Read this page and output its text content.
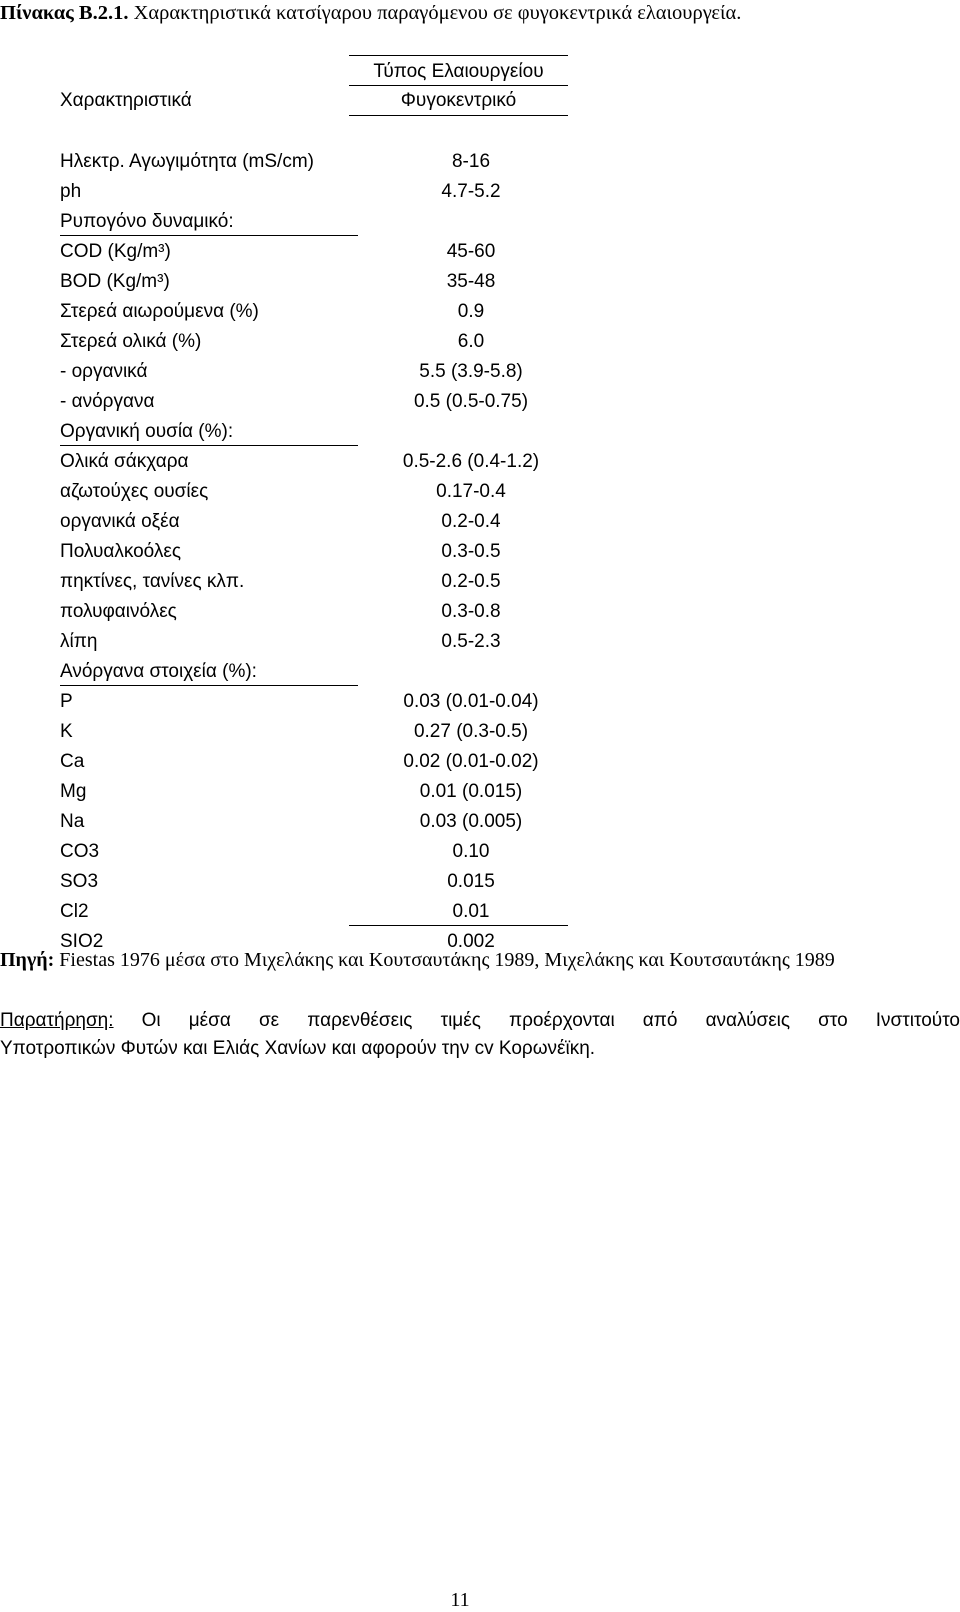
Πίνακας Β.2.1. Χαρακτηριστικά κατσίγαρου παραγόμενου σε φυγοκεντρικά ελαιουργεία.
Τύπος Ελαιουργείου
Χαρακτηριστικά	Φυγοκεντρικό
Ηλεκτρ. Αγωγιμότητα (mS/cm)	8-16
ph	4.7-5.2
Ρυπογόνο δυναμικό:
COD (Kg/m³)	45-60
BOD (Kg/m³)	35-48
Στερεά αιωρούμενα (%)	0.9
Στερεά ολικά (%)	6.0
- οργανικά	5.5 (3.9-5.8)
- ανόργανα	0.5 (0.5-0.75)
Οργανική ουσία (%):
Ολικά σάκχαρα	0.5-2.6 (0.4-1.2)
αζωτούχες ουσίες	0.17-0.4
οργανικά οξέα	0.2-0.4
Πολυαλκοόλες	0.3-0.5
πηκτίνες, τανίνες κλπ.	0.2-0.5
πολυφαινόλες	0.3-0.8
λίπη	0.5-2.3
Ανόργανα στοιχεία (%):
P	0.03 (0.01-0.04)
K	0.27 (0.3-0.5)
Ca	0.02 (0.01-0.02)
Mg	0.01 (0.015)
Na	0.03 (0.005)
CO3	0.10
SO3	0.015
Cl2	0.01
SIO2	0.002
Πηγή: Fiestas 1976 μέσα στο Μιχελάκης και Κουτσαυτάκης 1989, Μιχελάκης και Κουτσαυτάκης 1989
Παρατήρηση: Οι μέσα σε παρενθέσεις τιμές προέρχονται από αναλύσεις στο Ινστιτούτο
Υποτροπικών Φυτών και Ελιάς Χανίων και αφορούν την cv Κορωνέϊκη.
11
